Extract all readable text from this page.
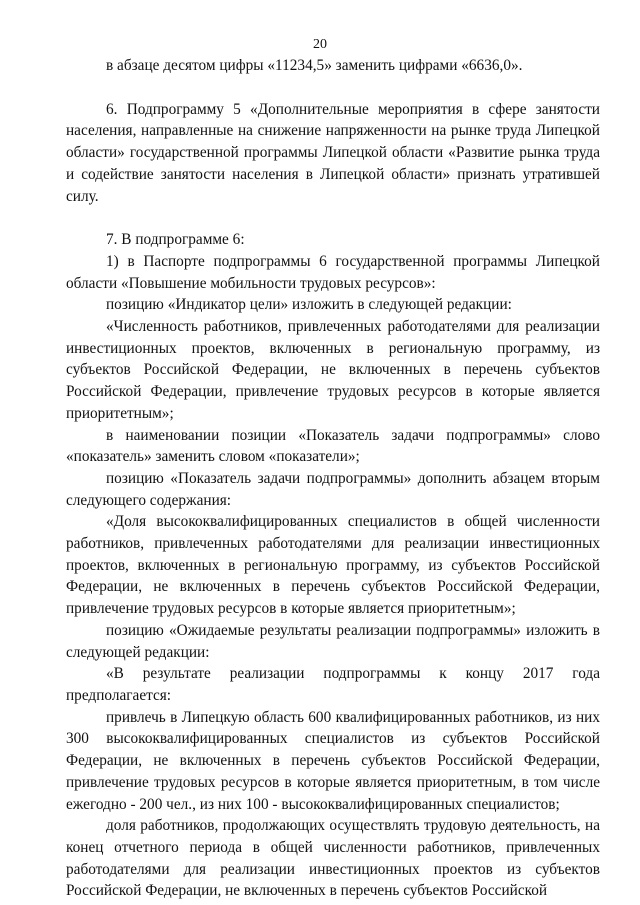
20

в абзаце десятом цифры «11234,5» заменить цифрами «6636,0».

6. Подпрограмму 5 «Дополнительные мероприятия в сфере занятости населения, направленные на снижение напряженности на рынке труда Липецкой области» государственной программы Липецкой области «Развитие рынка труда и содействие занятости населения в Липецкой области» признать утратившей силу.

7. В подпрограмме 6:

1) в Паспорте подпрограммы 6 государственной программы Липецкой области «Повышение мобильности трудовых ресурсов»:

позицию «Индикатор цели» изложить в следующей редакции:

«Численность работников, привлеченных работодателями для реализации инвестиционных проектов, включенных в региональную программу, из субъектов Российской Федерации, не включенных в перечень субъектов Российской Федерации, привлечение трудовых ресурсов в которые является приоритетным»;

в наименовании позиции «Показатель задачи подпрограммы» слово «показатель» заменить словом «показатели»;

позицию «Показатель задачи подпрограммы» дополнить абзацем вторым следующего содержания:

«Доля высококвалифицированных специалистов в общей численности работников, привлеченных работодателями для реализации инвестиционных проектов, включенных в региональную программу, из субъектов Российской Федерации, не включенных в перечень субъектов Российской Федерации, привлечение трудовых ресурсов в которые является приоритетным»;

позицию «Ожидаемые результаты реализации подпрограммы» изложить в следующей редакции:

«В результате реализации подпрограммы к концу 2017 года предполагается:

привлечь в Липецкую область 600 квалифицированных работников, из них 300 высококвалифицированных специалистов из субъектов Российской Федерации, не включенных в перечень субъектов Российской Федерации, привлечение трудовых ресурсов в которые является приоритетным, в том числе ежегодно - 200 чел., из них 100 - высококвалифицированных специалистов;

доля работников, продолжающих осуществлять трудовую деятельность, на конец отчетного периода в общей численности работников, привлеченных работодателями для реализации инвестиционных проектов из субъектов Российской Федерации, не включенных в перечень субъектов Российской
